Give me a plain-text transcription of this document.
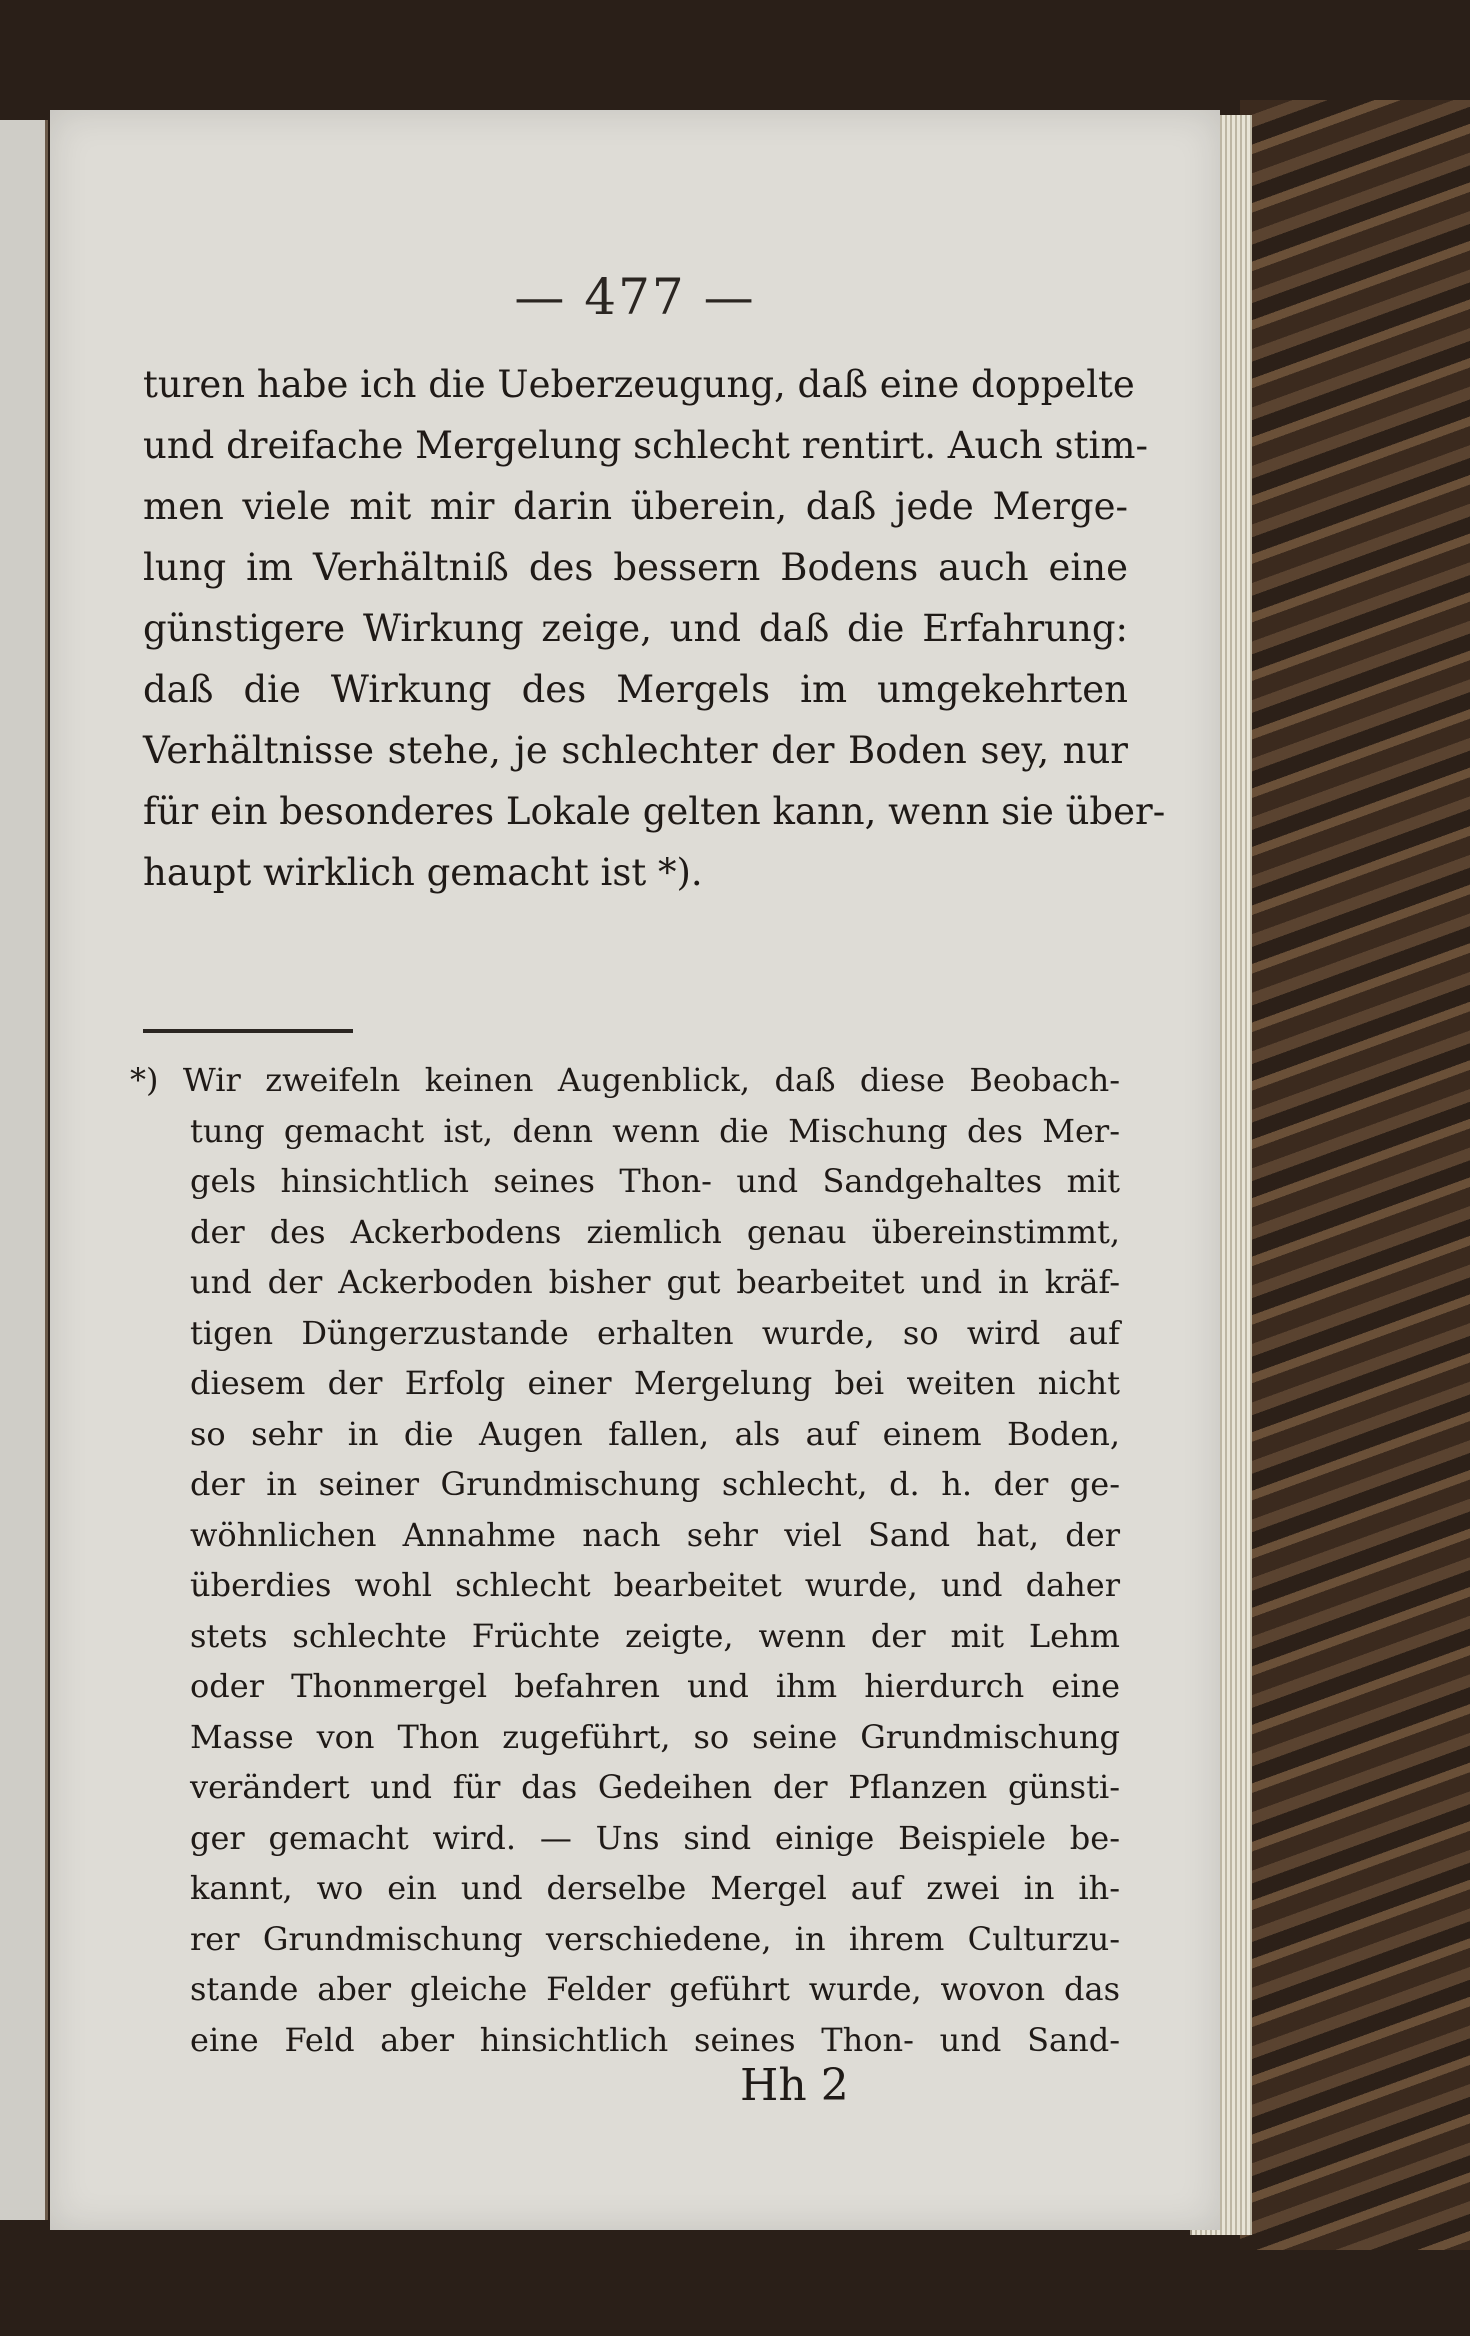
— 477 —
turen habe ich die Ueberzeugung, daß eine doppelte
und dreifache Mergelung schlecht rentirt. Auch stim-
men viele mit mir darin überein, daß jede Merge-
lung im Verhältniß des bessern Bodens auch eine
günstigere Wirkung zeige, und daß die Erfahrung:
daß die Wirkung des Mergels im umgekehrten
Verhältnisse stehe, je schlechter der Boden sey, nur
für ein besonderes Lokale gelten kann, wenn sie über-
haupt wirklich gemacht ist *).
*) Wir zweifeln keinen Augenblick, daß diese Beobach-
tung gemacht ist, denn wenn die Mischung des Mer-
gels hinsichtlich seines Thon- und Sandgehaltes mit
der des Ackerbodens ziemlich genau übereinstimmt,
und der Ackerboden bisher gut bearbeitet und in kräf-
tigen Düngerzustande erhalten wurde, so wird auf
diesem der Erfolg einer Mergelung bei weiten nicht
so sehr in die Augen fallen, als auf einem Boden,
der in seiner Grundmischung schlecht, d. h. der ge-
wöhnlichen Annahme nach sehr viel Sand hat, der
überdies wohl schlecht bearbeitet wurde, und daher
stets schlechte Früchte zeigte, wenn der mit Lehm
oder Thonmergel befahren und ihm hierdurch eine
Masse von Thon zugeführt, so seine Grundmischung
verändert und für das Gedeihen der Pflanzen günsti-
ger gemacht wird. — Uns sind einige Beispiele be-
kannt, wo ein und derselbe Mergel auf zwei in ih-
rer Grundmischung verschiedene, in ihrem Culturzu-
stande aber gleiche Felder geführt wurde, wovon das
eine Feld aber hinsichtlich seines Thon- und Sand-
Hh 2
